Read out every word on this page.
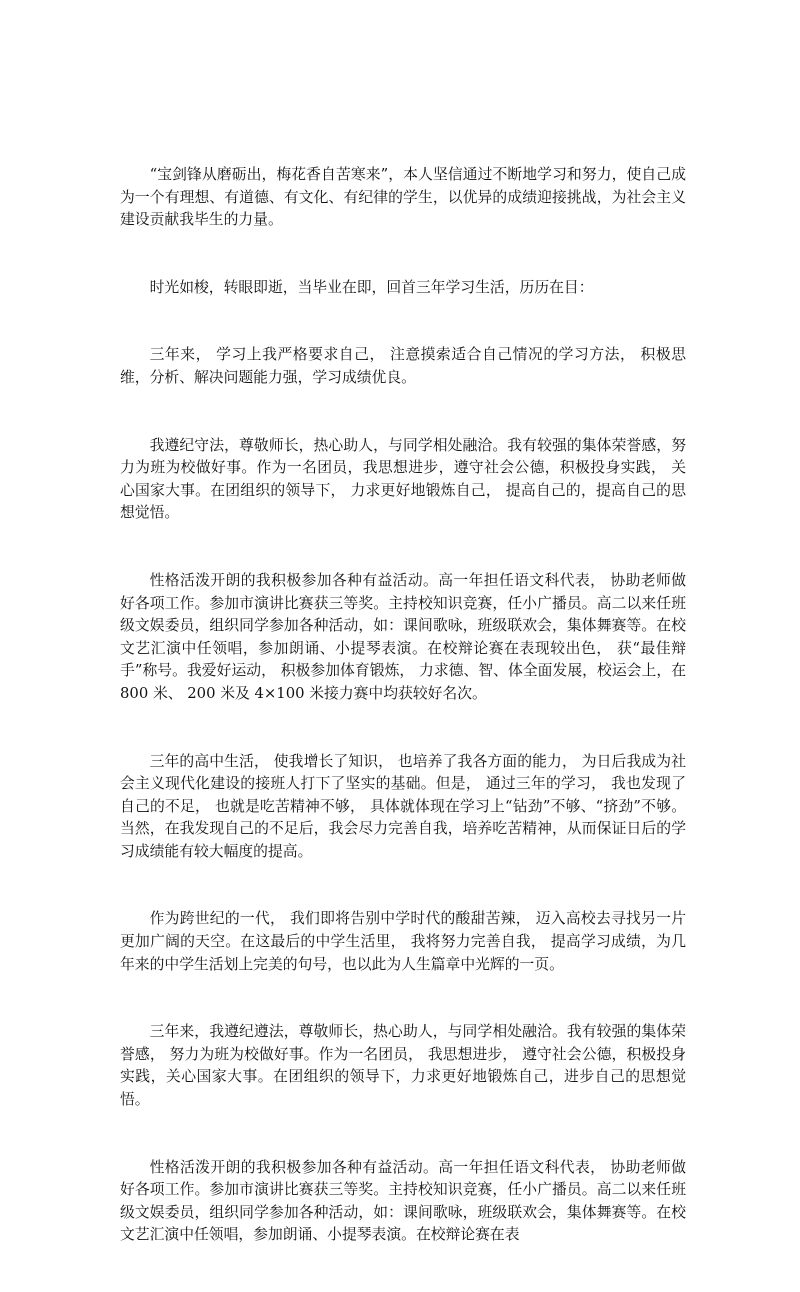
“宝剑锋从磨砺出，梅花香自苦寒来”，本人坚信通过不断地学习和努力，使自己成为一个有理想、有道德、有文化、有纪律的学生，以优异的成绩迎接挑战，为社会主义建设贡献我毕生的力量。

时光如梭，转眼即逝，当毕业在即，回首三年学习生活，历历在目：

三年来， 学习上我严格要求自己， 注意摸索适合自己情况的学习方法， 积极思维，分析、解决问题能力强，学习成绩优良。

我遵纪守法，尊敬师长，热心助人，与同学相处融洽。我有较强的集体荣誉感，努力为班为校做好事。作为一名团员，我思想进步，遵守社会公德，积极投身实践， 关心国家大事。在团组织的领导下， 力求更好地锻炼自己， 提高自己的，提高自己的思想觉悟。

性格活泼开朗的我积极参加各种有益活动。高一年担任语文科代表， 协助老师做好各项工作。参加市演讲比赛获三等奖。主持校知识竞赛，任小广播员。高二以来任班级文娱委员，组织同学参加各种活动，如：课间歌咏，班级联欢会，集体舞赛等。在校文艺汇演中任领唱，参加朗诵、小提琴表演。在校辩论赛在表现较出色， 获“最佳辩手”称号。我爱好运动， 积极参加体育锻炼， 力求德、智、体全面发展，校运会上，在800 米、 200 米及 4×100 米接力赛中均获较好名次。

三年的高中生活， 使我增长了知识， 也培养了我各方面的能力， 为日后我成为社会主义现代化建设的接班人打下了坚实的基础。但是， 通过三年的学习， 我也发现了自己的不足， 也就是吃苦精神不够， 具体就体现在学习上“钻劲”不够、“挤劲”不够。当然，在我发现自己的不足后，我会尽力完善自我，培养吃苦精神，从而保证日后的学习成绩能有较大幅度的提高。

作为跨世纪的一代， 我们即将告别中学时代的酸甜苦辣， 迈入高校去寻找另一片更加广阔的天空。在这最后的中学生活里， 我将努力完善自我， 提高学习成绩，为几年来的中学生活划上完美的句号，也以此为人生篇章中光辉的一页。

三年来，我遵纪遵法，尊敬师长，热心助人，与同学相处融洽。我有较强的集体荣誉感， 努力为班为校做好事。作为一名团员， 我思想进步， 遵守社会公德，积极投身实践，关心国家大事。在团组织的领导下，力求更好地锻炼自己，进步自己的思想觉悟。

性格活泼开朗的我积极参加各种有益活动。高一年担任语文科代表， 协助老师做好各项工作。参加市演讲比赛获三等奖。主持校知识竞赛，任小广播员。高二以来任班级文娱委员，组织同学参加各种活动，如：课间歌咏，班级联欢会，集体舞赛等。在校文艺汇演中任领唱，参加朗诵、小提琴表演。在校辩论赛在表
